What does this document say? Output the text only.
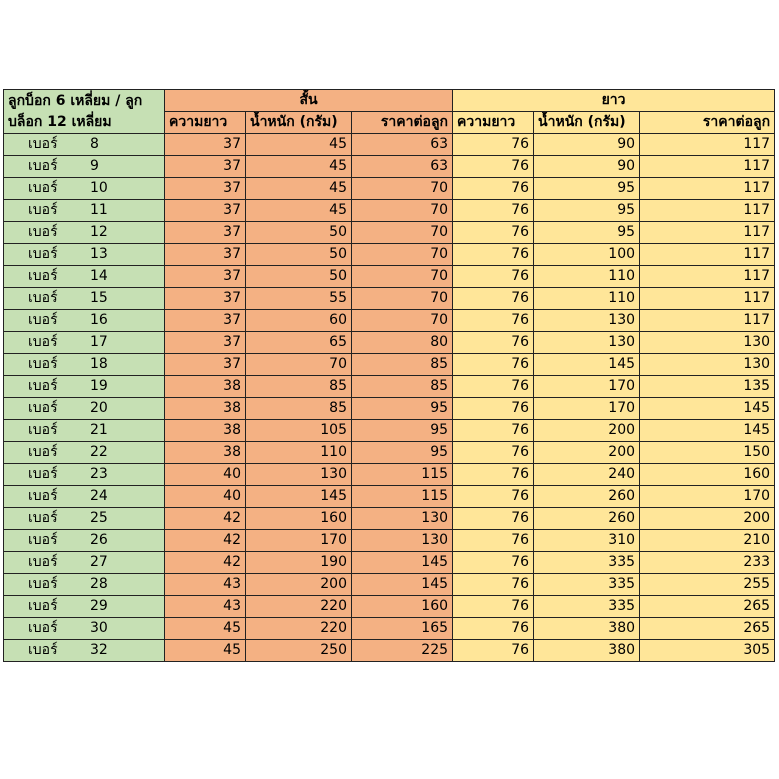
ลูกบ็อก 6 เหลี่ยม / ลูกบล็อก 12 เหลี่ยม	สั้น			ยาว		
	ความยาว	น้ำหนัก (กรัม)	ราคาต่อลูก	ความยาว	น้ำหนัก (กรัม)	ราคาต่อลูก
เบอร์ 8	37	45	63	76	90	117
เบอร์ 9	37	45	63	76	90	117
เบอร์ 10	37	45	70	76	95	117
เบอร์ 11	37	45	70	76	95	117
เบอร์ 12	37	50	70	76	95	117
เบอร์ 13	37	50	70	76	100	117
เบอร์ 14	37	50	70	76	110	117
เบอร์ 15	37	55	70	76	110	117
เบอร์ 16	37	60	70	76	130	117
เบอร์ 17	37	65	80	76	130	130
เบอร์ 18	37	70	85	76	145	130
เบอร์ 19	38	85	85	76	170	135
เบอร์ 20	38	85	95	76	170	145
เบอร์ 21	38	105	95	76	200	145
เบอร์ 22	38	110	95	76	200	150
เบอร์ 23	40	130	115	76	240	160
เบอร์ 24	40	145	115	76	260	170
เบอร์ 25	42	160	130	76	260	200
เบอร์ 26	42	170	130	76	310	210
เบอร์ 27	42	190	145	76	335	233
เบอร์ 28	43	200	145	76	335	255
เบอร์ 29	43	220	160	76	335	265
เบอร์ 30	45	220	165	76	380	265
เบอร์ 32	45	250	225	76	380	305
